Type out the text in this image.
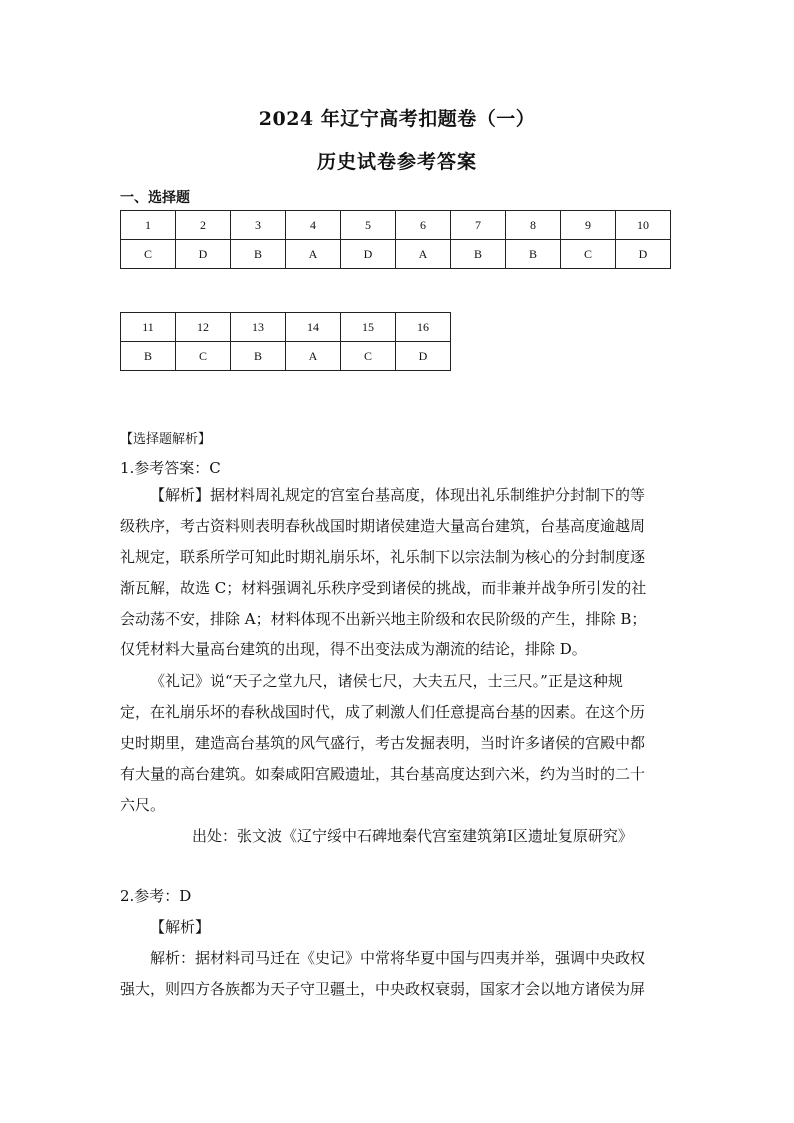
2024 年辽宁高考扣题卷（一）
历史试卷参考答案
一、选择题
1	2	3	4	5	6	7	8	9	10
C	D	B	A	D	A	B	B	C	D
11	12	13	14	15	16
B	C	B	A	C	D
【选择题解析】
1.参考答案：C
【解析】据材料周礼规定的宫室台基高度，体现出礼乐制维护分封制下的等
级秩序，考古资料则表明春秋战国时期诸侯建造大量高台建筑，台基高度逾越周
礼规定，联系所学可知此时期礼崩乐坏，礼乐制下以宗法制为核心的分封制度逐
渐瓦解，故选 C；材料强调礼乐秩序受到诸侯的挑战，而非兼并战争所引发的社
会动荡不安，排除 A；材料体现不出新兴地主阶级和农民阶级的产生，排除 B；
仅凭材料大量高台建筑的出现，得不出变法成为潮流的结论，排除 D。
《礼记》说“天子之堂九尺，诸侯七尺，大夫五尺，士三尺。”正是这种规
定，在礼崩乐坏的春秋战国时代，成了刺激人们任意提高台基的因素。在这个历
史时期里，建造高台基筑的风气盛行，考古发掘表明，当时许多诸侯的宫殿中都
有大量的高台建筑。如秦咸阳宫殿遗址，其台基高度达到六米，约为当时的二十
六尺。
出处：张文波《辽宁绥中石碑地秦代宫室建筑第Ⅰ区遗址复原研究》
2.参考：D
【解析】
解析：据材料司马迁在《史记》中常将华夏中国与四夷并举，强调中央政权
强大，则四方各族都为天子守卫疆土，中央政权衰弱，国家才会以地方诸侯为屏
